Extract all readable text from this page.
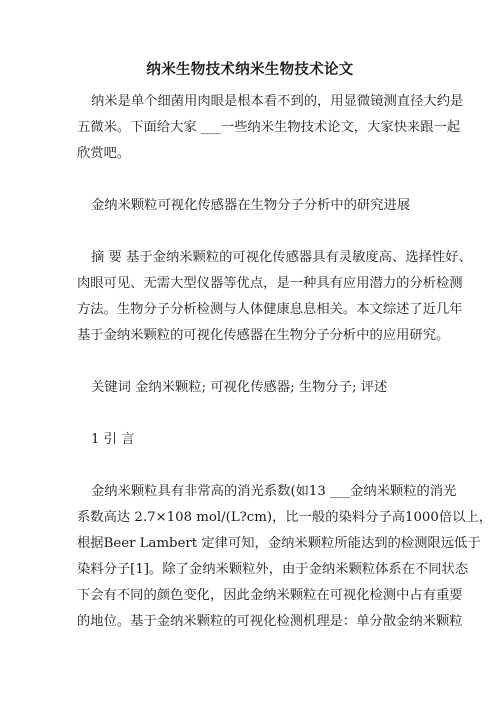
纳米生物技术纳米生物技术论文
纳米是单个细菌用肉眼是根本看不到的，用显微镜测直径大约是
五微米。下面给大家 ___一些纳米生物技术论文，大家快来跟一起
欣赏吧。
金纳米颗粒可视化传感器在生物分子分析中的研究进展
摘 要 基于金纳米颗粒的可视化传感器具有灵敏度高、选择性好、
肉眼可见、无需大型仪器等优点，是一种具有应用潜力的分析检测
方法。生物分子分析检测与人体健康息息相关。本文综述了近几年
基于金纳米颗粒的可视化传感器在生物分子分析中的应用研究。
关键词 金纳米颗粒; 可视化传感器; 生物分子; 评述
1 引 言
金纳米颗粒具有非常高的消光系数(如13 ___金纳米颗粒的消光
系数高达 2.7×108 mol/(L?cm)，比一般的染料分子高1000倍以上，
根据Beer Lambert 定律可知，金纳米颗粒所能达到的检测限远低于
染料分子[1]。除了金纳米颗粒外，由于金纳米颗粒体系在不同状态
下会有不同的颜色变化，因此金纳米颗粒在可视化检测中占有重要
的地位。基于金纳米颗粒的可视化检测机理是：单分散金纳米颗粒
